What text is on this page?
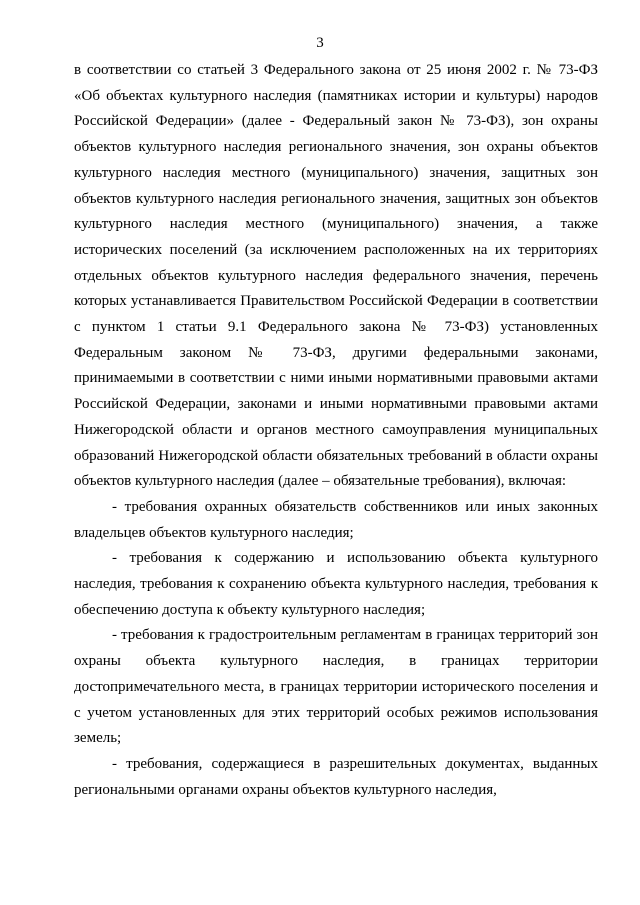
3

в соответствии со статьей 3 Федерального закона от 25 июня 2002 г. № 73-ФЗ «Об объектах культурного наследия (памятниках истории и культуры) народов Российской Федерации» (далее - Федеральный закон № 73-ФЗ), зон охраны объектов культурного наследия регионального значения, зон охраны объектов культурного наследия местного (муниципального) значения, защитных зон объектов культурного наследия регионального значения, защитных зон объектов культурного наследия местного (муниципального) значения, а также исторических поселений (за исключением расположенных на их территориях отдельных объектов культурного наследия федерального значения, перечень которых устанавливается Правительством Российской Федерации в соответствии с пунктом 1 статьи 9.1 Федерального закона № 73-ФЗ) установленных Федеральным законом № 73-ФЗ, другими федеральными законами, принимаемыми в соответствии с ними иными нормативными правовыми актами Российской Федерации, законами и иными нормативными правовыми актами Нижегородской области и органов местного самоуправления муниципальных образований Нижегородской области обязательных требований в области охраны объектов культурного наследия (далее – обязательные требования), включая:

- требования охранных обязательств собственников или иных законных владельцев объектов культурного наследия;

- требования к содержанию и использованию объекта культурного наследия, требования к сохранению объекта культурного наследия, требования к обеспечению доступа к объекту культурного наследия;

- требования к градостроительным регламентам в границах территорий зон охраны объекта культурного наследия, в границах территории достопримечательного места, в границах территории исторического поселения и с учетом установленных для этих территорий особых режимов использования земель;

- требования, содержащиеся в разрешительных документах, выданных региональными органами охраны объектов культурного наследия,
